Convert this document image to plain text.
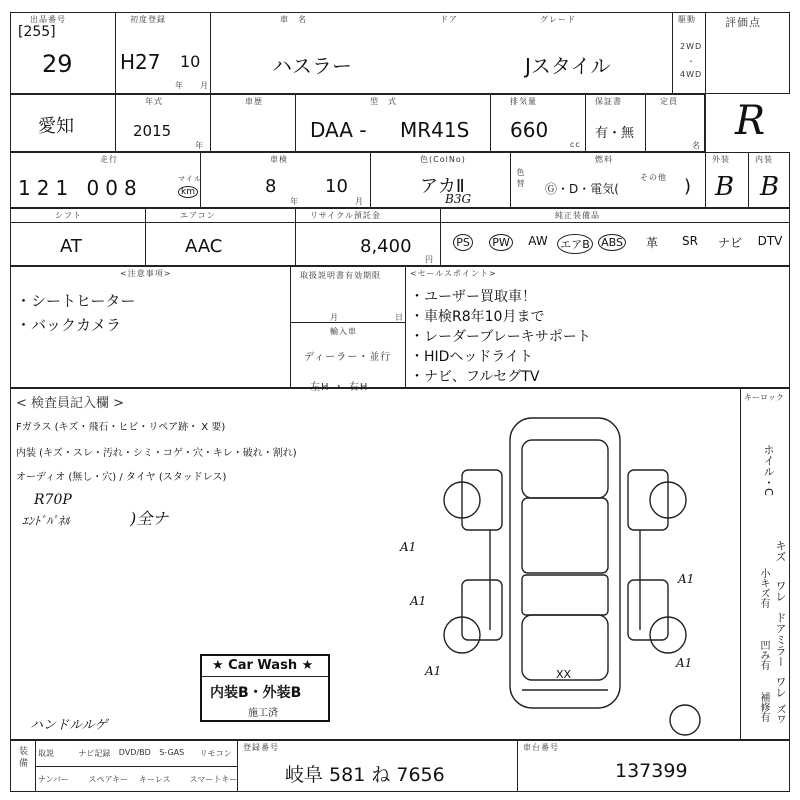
出品番号
[255]
29
初度登録
H27 10
年 月
車　名	ドア	グレード
ハスラー	Jスタイル
駆動
2WD
・
4WD
評価点
R
愛知
年式
2015
年
車歴	型　式
DAA - MR41S
排気量
660
cc
保証書
有・無
定員
名
走行
121 008	マイル
km
車検
8
年
10
月
色(ColNo)
アカⅡ
B3G
色替
燃料
Ⓖ・D・電気(
その他 )
外装	内装
B B
シフト	エアコン	リサイクル預託金	純正装備品
AT	AAC	8,400
円
PS	PW	AW	エアB	ABS	革	SR	ナビ	DTV
<注意事項>
・シートヒーター
・バックカメラ
取扱説明書有効期限
月	日
輸入車
ディーラー・並行
左H ・ 右H
<セールスポイント>
・ユーザー買取車！
・車検R8年10月まで
・レーダーブレーキサポート
・HIDヘッドライト
・ナビ、フルセグTV
< 検査員記入欄 >	キーロック
Fガラス (キズ・飛石・ヒビ・リペア跡・ X 要)
内装 (キズ・スレ・汚れ・シミ・コゲ・穴・キレ・破れ・割れ)
オーディオ (無し・穴) / タイヤ (スタッドレス)
R70P
ｴﾝﾄﾞﾊﾟﾈﾙ	)全ナ
ハンドルルゲ
A1
A1
A1
A1
A1
XX
ホイル・C
キズ
ワレ
小キズ有
ドアミラー
凹み有
ワレ
補修有 ズワ
★ Car Wash ★
内装B・外装B
施工済
装備 取説	ナビ記録 DVD/BD S-GAS リモコン
ナンバー スペアキー キーレス スマートキー
登録番号
岐阜 581 ね 7656
車台番号
137399
